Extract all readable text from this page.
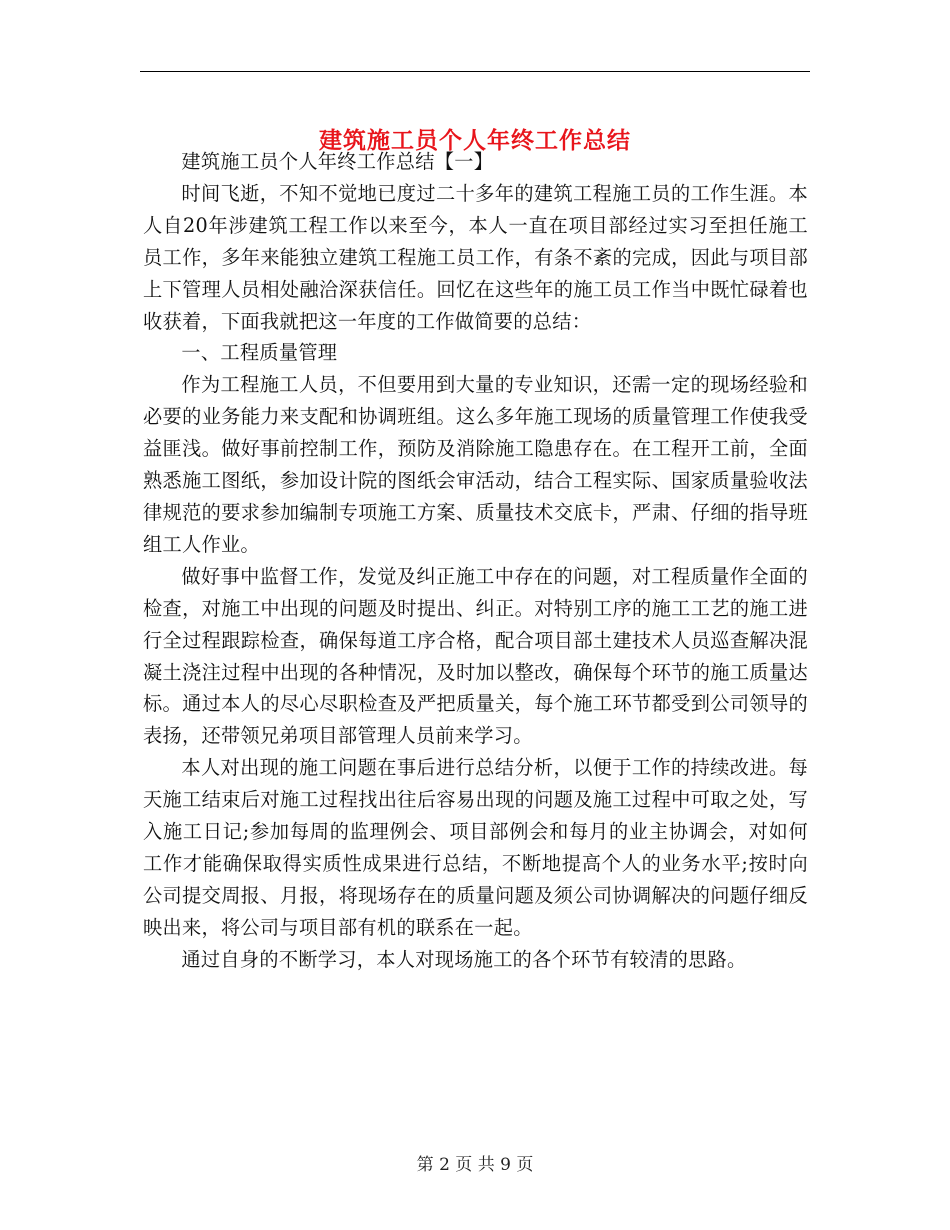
建筑施工员个人年终工作总结

建筑施工员个人年终工作总结【一】

时间飞逝，不知不觉地已度过二十多年的建筑工程施工员的工作生涯。本人自20年涉建筑工程工作以来至今，本人一直在项目部经过实习至担任施工员工作，多年来能独立建筑工程施工员工作，有条不紊的完成，因此与项目部上下管理人员相处融洽深获信任。回忆在这些年的施工员工作当中既忙碌着也收获着，下面我就把这一年度的工作做简要的总结：

一、工程质量管理

作为工程施工人员，不但要用到大量的专业知识，还需一定的现场经验和必要的业务能力来支配和协调班组。这么多年施工现场的质量管理工作使我受益匪浅。做好事前控制工作，预防及消除施工隐患存在。在工程开工前，全面熟悉施工图纸，参加设计院的图纸会审活动，结合工程实际、国家质量验收法律规范的要求参加编制专项施工方案、质量技术交底卡，严肃、仔细的指导班组工人作业。

做好事中监督工作，发觉及纠正施工中存在的问题，对工程质量作全面的检查，对施工中出现的问题及时提出、纠正。对特别工序的施工工艺的施工进行全过程跟踪检查，确保每道工序合格，配合项目部土建技术人员巡查解决混凝土浇注过程中出现的各种情况，及时加以整改，确保每个环节的施工质量达标。通过本人的尽心尽职检查及严把质量关，每个施工环节都受到公司领导的表扬，还带领兄弟项目部管理人员前来学习。

本人对出现的施工问题在事后进行总结分析，以便于工作的持续改进。每天施工结束后对施工过程找出往后容易出现的问题及施工过程中可取之处，写入施工日记;参加每周的监理例会、项目部例会和每月的业主协调会，对如何工作才能确保取得实质性成果进行总结，不断地提高个人的业务水平;按时向公司提交周报、月报，将现场存在的质量问题及须公司协调解决的问题仔细反映出来，将公司与项目部有机的联系在一起。

通过自身的不断学习，本人对现场施工的各个环节有较清的思路。

第 2 页 共 9 页
